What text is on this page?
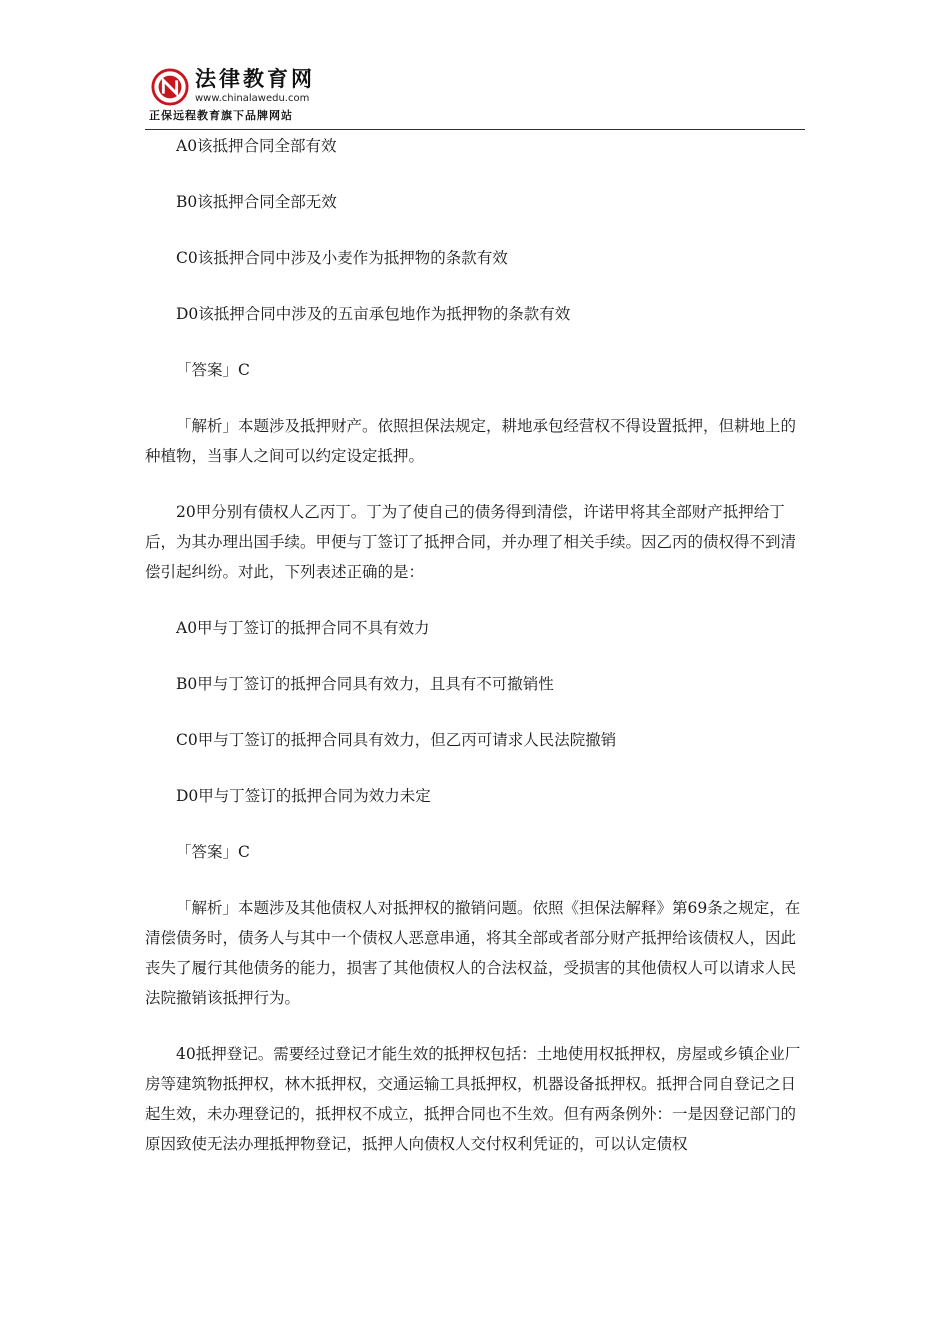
法律教育网
www.chinalawedu.com
正保远程教育旗下品牌网站

A0该抵押合同全部有效

B0该抵押合同全部无效

C0该抵押合同中涉及小麦作为抵押物的条款有效

D0该抵押合同中涉及的五亩承包地作为抵押物的条款有效

「答案」C

「解析」本题涉及抵押财产。依照担保法规定，耕地承包经营权不得设置抵押，但耕地上的种植物，当事人之间可以约定设定抵押。

20甲分别有债权人乙丙丁。丁为了使自己的债务得到清偿，许诺甲将其全部财产抵押给丁后，为其办理出国手续。甲便与丁签订了抵押合同，并办理了相关手续。因乙丙的债权得不到清偿引起纠纷。对此，下列表述正确的是：

A0甲与丁签订的抵押合同不具有效力

B0甲与丁签订的抵押合同具有效力，且具有不可撤销性

C0甲与丁签订的抵押合同具有效力，但乙丙可请求人民法院撤销

D0甲与丁签订的抵押合同为效力未定

「答案」C

「解析」本题涉及其他债权人对抵押权的撤销问题。依照《担保法解释》第69条之规定，在清偿债务时，债务人与其中一个债权人恶意串通，将其全部或者部分财产抵押给该债权人，因此丧失了履行其他债务的能力，损害了其他债权人的合法权益，受损害的其他债权人可以请求人民法院撤销该抵押行为。

40抵押登记。需要经过登记才能生效的抵押权包括：土地使用权抵押权，房屋或乡镇企业厂房等建筑物抵押权，林木抵押权，交通运输工具抵押权，机器设备抵押权。抵押合同自登记之日起生效，未办理登记的，抵押权不成立，抵押合同也不生效。但有两条例外：一是因登记部门的原因致使无法办理抵押物登记，抵押人向债权人交付权利凭证的，可以认定债权
